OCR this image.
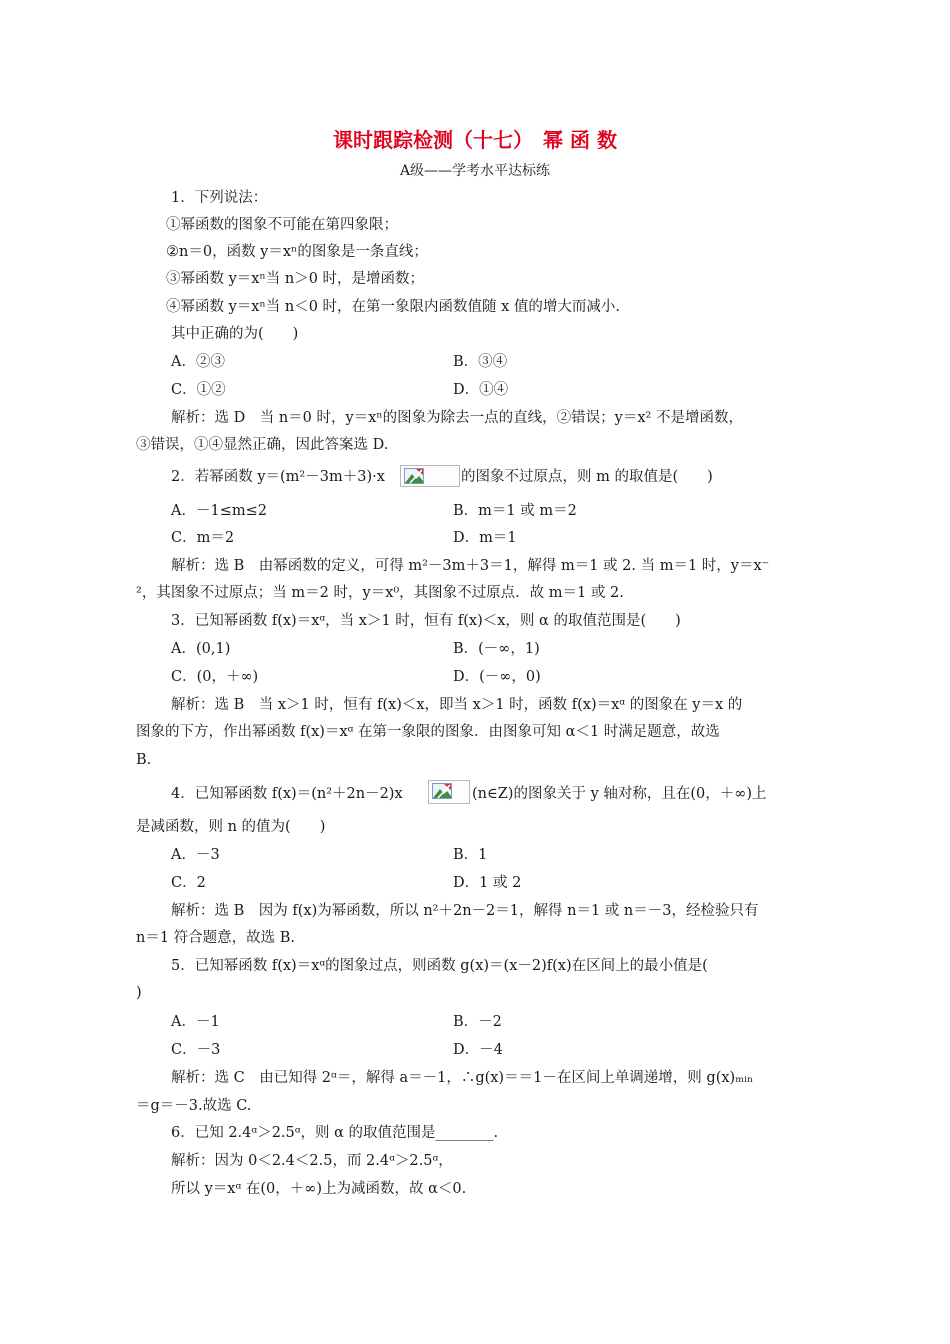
课时跟踪检测（十七）　幂 函 数
A级——学考水平达标练

1．下列说法：

①幂函数的图象不可能在第四象限；

②n＝0，函数 y＝xⁿ的图象是一条直线；

③幂函数 y＝xⁿ当 n＞0 时，是增函数；

④幂函数 y＝xⁿ当 n＜0 时，在第一象限内函数值随 x 值的增大而减小.

其中正确的为(　　)

A．②③	B．③④

C．①②	D．①④

解析：选 D　当 n＝0 时，y＝xⁿ的图象为除去一点的直线，②错误；y＝x² 不是增函数，

③错误，①④显然正确，因此答案选 D.

2．若幂函数 y＝(m²－3m＋3)·x	的图象不过原点，则 m 的取值是(　　)

A．－1≤m≤2	B．m＝1 或 m＝2

C．m＝2	D．m＝1

解析：选 B　由幂函数的定义，可得 m²－3m＋3＝1，解得 m＝1 或 2. 当 m＝1 时，y＝x⁻

²，其图象不过原点；当 m＝2 时，y＝x⁰，其图象不过原点．故 m＝1 或 2.

3．已知幂函数 f(x)＝xᵅ，当 x＞1 时，恒有 f(x)＜x，则 α 的取值范围是(　　)

A．(0,1)	B．(－∞，1)

C．(0，＋∞)	D．(－∞，0)

解析：选 B　当 x＞1 时，恒有 f(x)＜x，即当 x＞1 时，函数 f(x)＝xᵅ 的图象在 y＝x 的

图象的下方，作出幂函数 f(x)＝xᵅ 在第一象限的图象．由图象可知 α＜1 时满足题意，故选

B.

4．已知幂函数 f(x)＝(n²＋2n－2)x	(n∈Z)的图象关于 y 轴对称，且在(0，＋∞)上

是减函数，则 n 的值为(　　)

A．－3	B．1

C．2	D．1 或 2

解析：选 B　因为 f(x)为幂函数，所以 n²＋2n－2＝1，解得 n＝1 或 n＝－3，经检验只有

n＝1 符合题意，故选 B.

5．已知幂函数 f(x)＝xᵅ的图象过点，则函数 g(x)＝(x－2)f(x)在区间上的最小值是(

)

A．－1	B．－2

C．－3	D．－4

解析：选 C　由已知得 2ᵅ＝，解得 a＝－1，∴g(x)＝＝1－在区间上单调递增，则 g(x)ₘᵢₙ

＝g＝－3.故选 C.

6．已知 2.4ᵅ＞2.5ᵅ，则 α 的取值范围是________.

解析：因为 0＜2.4＜2.5，而 2.4ᵅ＞2.5ᵅ，

所以 y＝xᵅ 在(0，＋∞)上为减函数，故 α＜0.
